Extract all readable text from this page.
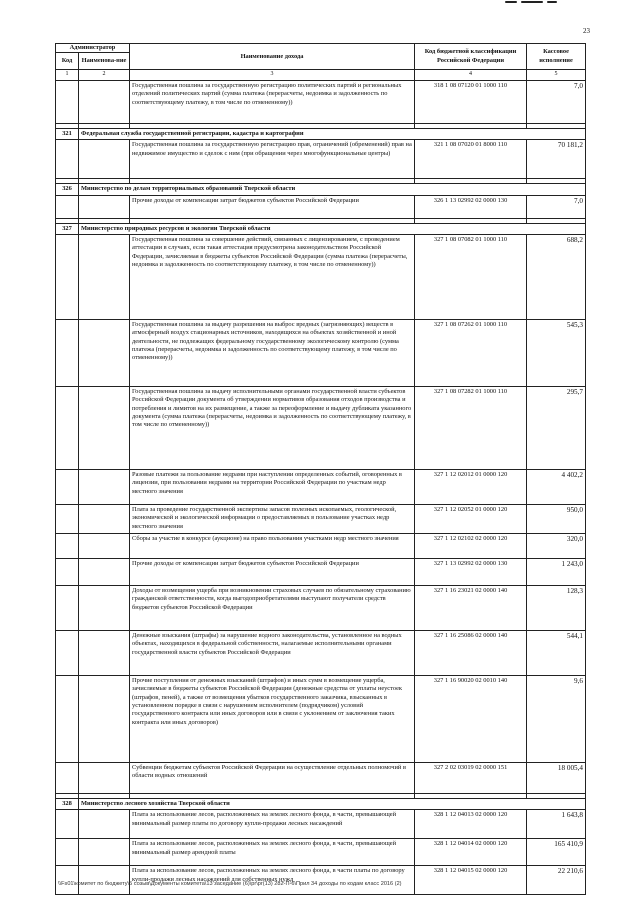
23
Администратор		Наименование дохода	Код бюджетной классификации Российской Федерации	Кассовое исполнение
Код	Наименова-ние			
1	2	3	4	5
		Государственная пошлина за государственную регистрацию политических партий и региональных отделений политических партий (сумма платежа (перерасчеты, недоимка и задолженность по соответствующему платежу, в том числе по отмененному))	318 1 08 07120 01 1000 110	7,0

321	Федеральная служба государственной регистрации, кадастра и картографии			
		Государственная пошлина за государственную регистрацию прав, ограничений (обременений) прав на недвижимое имущество и сделок с ним (при обращении через многофункциональные центры)	321 1 08 07020 01 8000 110	70 181,2

326	Министерство по делам территориальных образований Тверской области			
		Прочие доходы от компенсации затрат бюджетов субъектов Российской Федерации	326 1 13 02992 02 0000 130	7,0

327	Министерство природных ресурсов и экологии Тверской области			
		Государственная пошлина за совершение действий, связанных с лицензированием, с проведением аттестации в случаях, если такая аттестация предусмотрена законодательством Российской Федерации, зачисляемая в бюджеты субъектов Российской Федерации (сумма платежа (перерасчеты, недоимка и задолженность по соответствующему платежу, в том числе по отмененному))	327 1 08 07082 01 1000 110	688,2
		Государственная пошлина за выдачу разрешения на выброс вредных (загрязняющих) веществ в атмосферный воздух стационарных источников, находящихся на объектах хозяйственной и иной деятельности, не подлежащих федеральному государственному экологическому контролю (сумма платежа (перерасчеты, недоимка и задолженность по соответствующему платежу, в том числе по отмененному))	327 1 08 07262 01 1000 110	545,3
		Государственная пошлина за выдачу исполнительными органами государственной власти субъектов Российской Федерации документа об утверждении нормативов образования отходов производства и потребления и лимитов на их размещение, а также за переоформление и выдачу дубликата указанного документа (сумма платежа (перерасчеты, недоимка и задолженность по соответствующему платежу, в том числе по отмененному))	327 1 08 07282 01 1000 110	295,7
		Разовые платежи за пользование недрами при наступлении определенных событий, оговоренных в лицензии, при пользовании недрами на территории Российской Федерации по участкам недр местного значения	327 1 12 02012 01 0000 120	4 402,2
		Плата за проведение государственной экспертизы запасов полезных ископаемых, геологической, экономической и экологической информации о предоставляемых в пользование участках недр местного значения	327 1 12 02052 01 0000 120	950,0
		Сборы за участие в конкурсе (аукционе) на право пользования участками недр местного значения	327 1 12 02102 02 0000 120	320,0
		Прочие доходы от компенсации затрат бюджетов субъектов Российской Федерации	327 1 13 02992 02 0000 130	1 243,0
		Доходы от возмещения ущерба при возникновении страховых случаев по обязательному страхованию гражданской ответственности, когда выгодоприобретателями выступают получатели средств бюджетов субъектов Российской Федерации	327 1 16 23021 02 0000 140	128,3
		Денежные взыскания (штрафы) за нарушение водного законодательства, установленное на водных объектах, находящихся в федеральной собственности, налагаемые исполнительными органами государственной власти субъектов Российской Федерации	327 1 16 25086 02 0000 140	544,1
		Прочие поступления от денежных взысканий (штрафов) и иных сумм в возмещение ущерба, зачисляемые в бюджеты субъектов Российской Федерации (денежные средства от уплаты неустоек (штрафов, пеней), а также от возмещения убытков государственного заказчика, взысканных в установленном порядке в связи с нарушением исполнителем (подрядчиком) условий государственного контракта или иных договоров или в связи с уклонением от заключения таких контракта или иных договоров)	327 1 16 90020 02 0010 140	9,6
		Субвенции бюджетам субъектов Российской Федерации на осуществление отдельных полномочий в области водных отношений	327 2 02 03019 02 0000 151	18 005,4

328	Министерство лесного хозяйства Тверской области			
		Плата за использование лесов, расположенных на землях лесного фонда, в части, превышающей минимальный размер платы по договору купли-продажи лесных насаждений	328 1 12 04013 02 0000 120	1 643,8
		Плата за использование лесов, расположенных на землях лесного фонда, в части, превышающей минимальный размер арендной платы	328 1 12 04014 02 0000 120	165 410,9
		Плата за использование лесов, расположенных на землях лесного фонда, в части платы по договору купли-продажи лесных насаждений для собственных нужд	328 1 12 04015 02 0000 120	22 210,6
\\Fs01\комитет по бюджету\5 созыв\Документы комитета\13 заседание (6)\pr\pr(13) 282-П-6\Прил 34 доходы по кодам класс 2016 (2)
